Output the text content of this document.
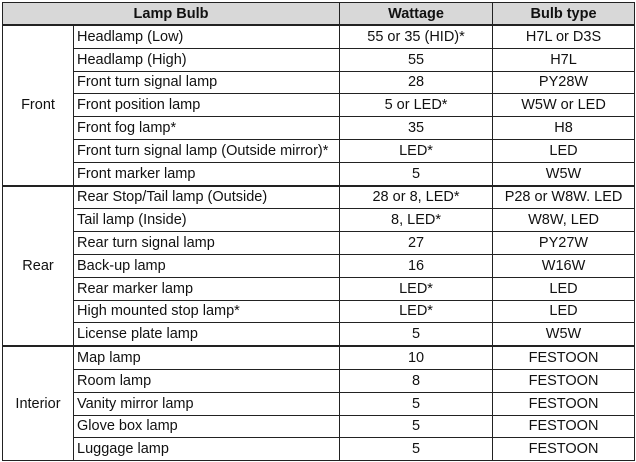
Lamp Bulb		Wattage	Bulb type
Front	Headlamp (Low)	55 or 35 (HID)*	H7L or D3S
	Headlamp (High)	55	H7L
	Front turn signal lamp	28	PY28W
	Front position lamp	5 or LED*	W5W or LED
	Front fog lamp*	35	H8
	Front turn signal lamp (Outside mirror)*	LED*	LED
	Front marker lamp	5	W5W
Rear	Rear Stop/Tail lamp (Outside)	28 or 8, LED*	P28 or W8W. LED
	Tail lamp (Inside)	8, LED*	W8W, LED
	Rear turn signal lamp	27	PY27W
	Back-up lamp	16	W16W
	Rear marker lamp	LED*	LED
	High mounted stop lamp*	LED*	LED
	License plate lamp	5	W5W
Interior	Map lamp	10	FESTOON
	Room lamp	8	FESTOON
	Vanity mirror lamp	5	FESTOON
	Glove box lamp	5	FESTOON
	Luggage lamp	5	FESTOON
